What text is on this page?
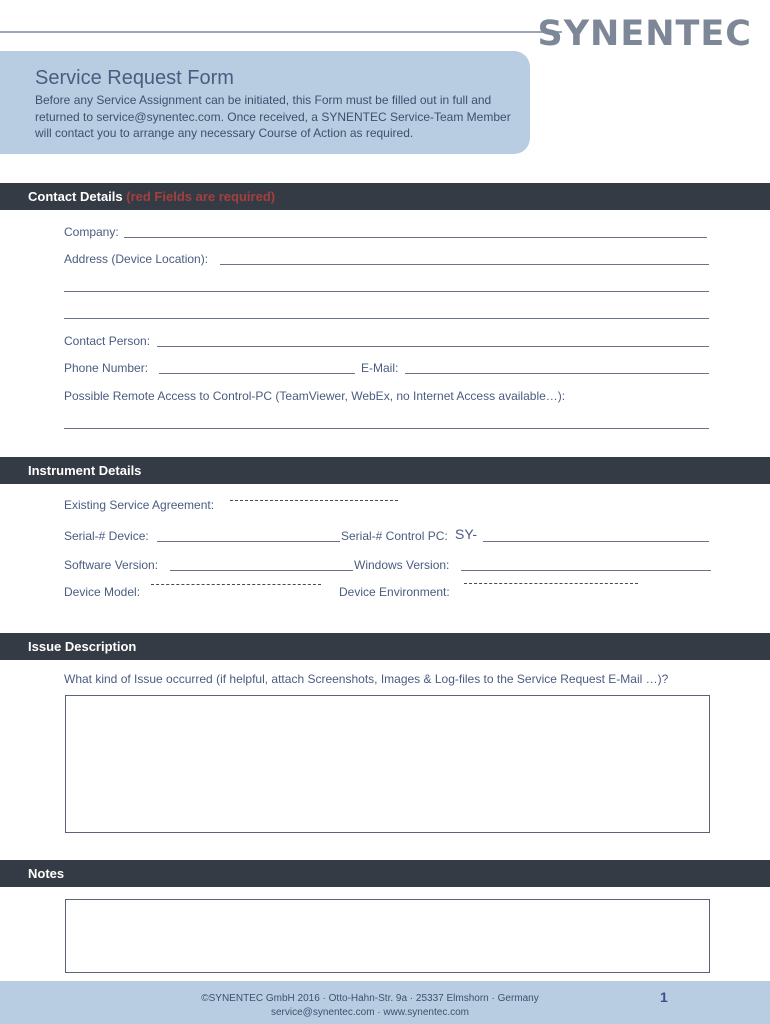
SYNENTEC
Service Request Form
Before any Service Assignment can be initiated, this Form must be filled out in full and returned to service@synentec.com. Once received, a SYNENTEC Service-Team Member will contact you to arrange any necessary Course of Action as required.
Contact Details (red Fields are required)
Company:
Address (Device Location):
Contact Person:
Phone Number:	E-Mail:
Possible Remote Access to Control-PC (TeamViewer, WebEx, no Internet Access available…):
Instrument Details
Existing Service Agreement:
Serial-# Device:	Serial-# Control PC: SY-
Software Version:	Windows Version:
Device Model:	Device Environment:
Issue Description
What kind of Issue occurred (if helpful, attach Screenshots, Images & Log-files to the Service Request E-Mail …)?
Notes
©SYNENTEC GmbH 2016 · Otto-Hahn-Str. 9a · 25337 Elmshorn · Germany
service@synentec.com · www.synentec.com
1
